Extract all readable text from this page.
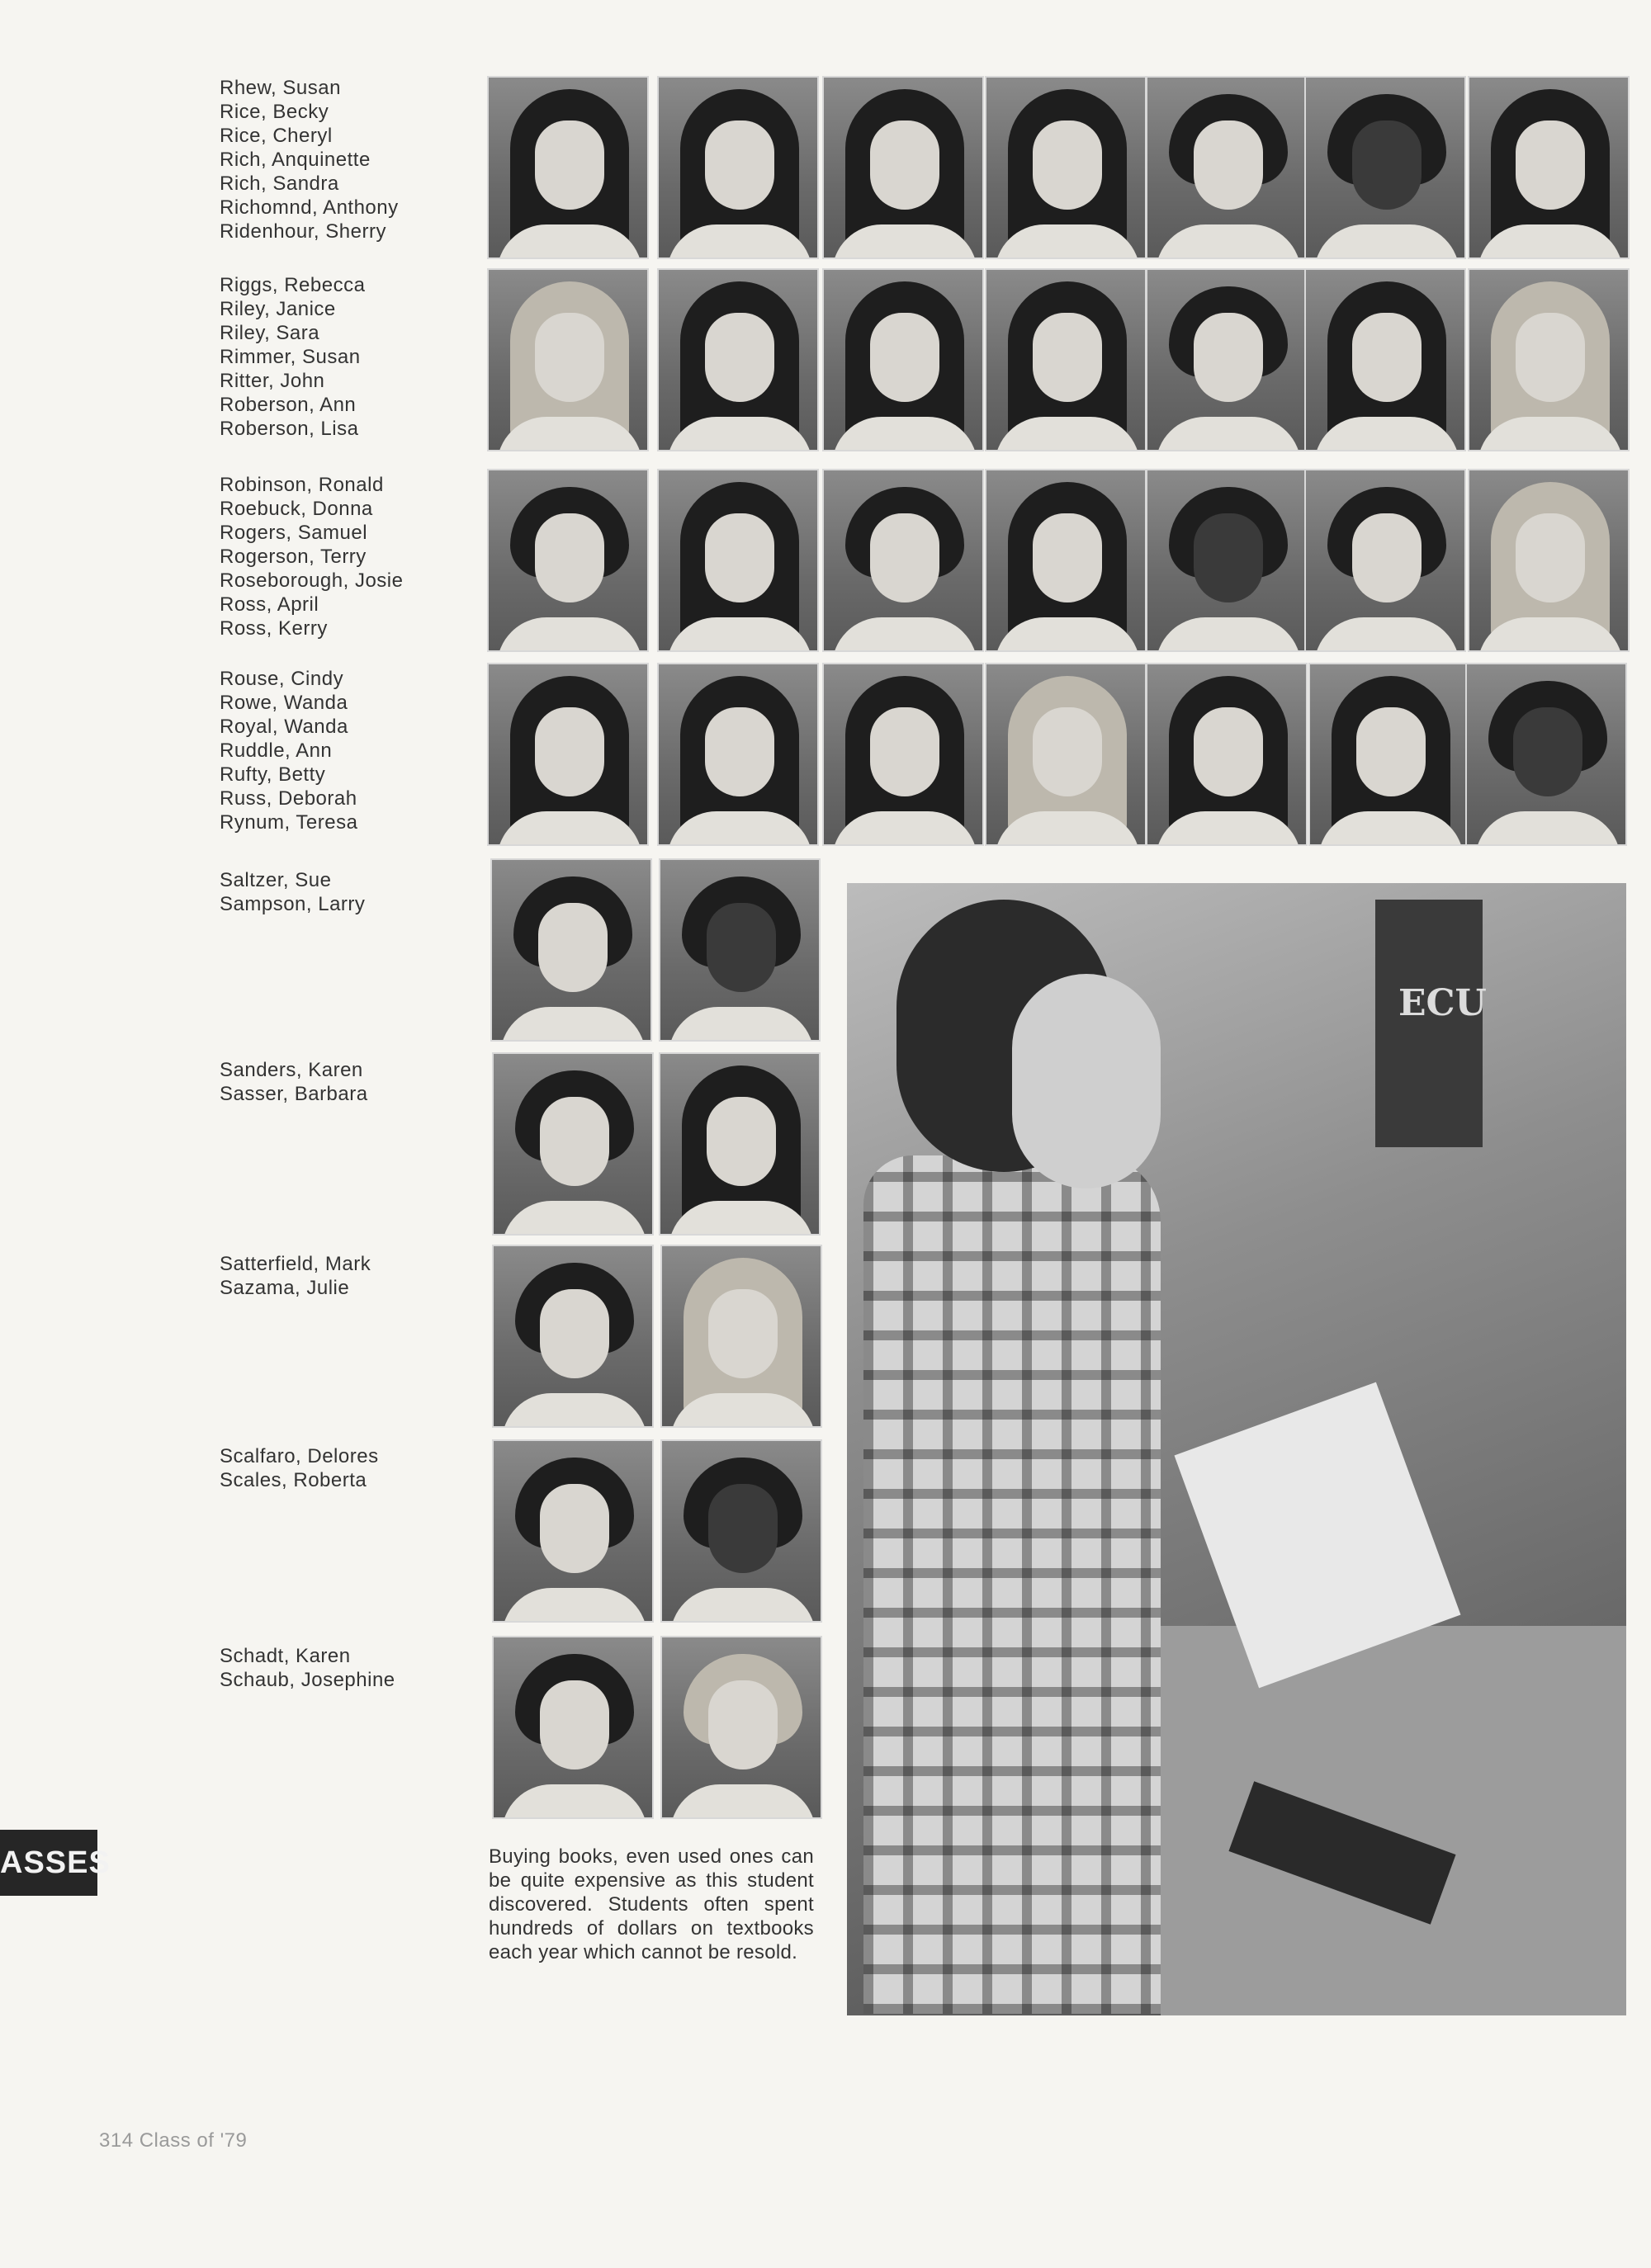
Rhew, Susan
Rice, Becky
Rice, Cheryl
Rich, Anquinette
Rich, Sandra
Richomnd, Anthony
Ridenhour, Sherry
Riggs, Rebecca
Riley, Janice
Riley, Sara
Rimmer, Susan
Ritter, John
Roberson, Ann
Roberson, Lisa
Robinson, Ronald
Roebuck, Donna
Rogers, Samuel
Rogerson, Terry
Roseborough, Josie
Ross, April
Ross, Kerry
Rouse, Cindy
Rowe, Wanda
Royal, Wanda
Ruddle, Ann
Rufty, Betty
Russ, Deborah
Rynum, Teresa
Saltzer, Sue
Sampson, Larry
Sanders, Karen
Sasser, Barbara
Satterfield, Mark
Sazama, Julie
Scalfaro, Delores
Scales, Roberta
Schadt, Karen
Schaub, Josephine
ECU
Buying books, even used ones can be quite expensive as this student discovered. Students often spent hundreds of dollars on textbooks each year which cannot be resold.
ASSES
314 Class of '79
